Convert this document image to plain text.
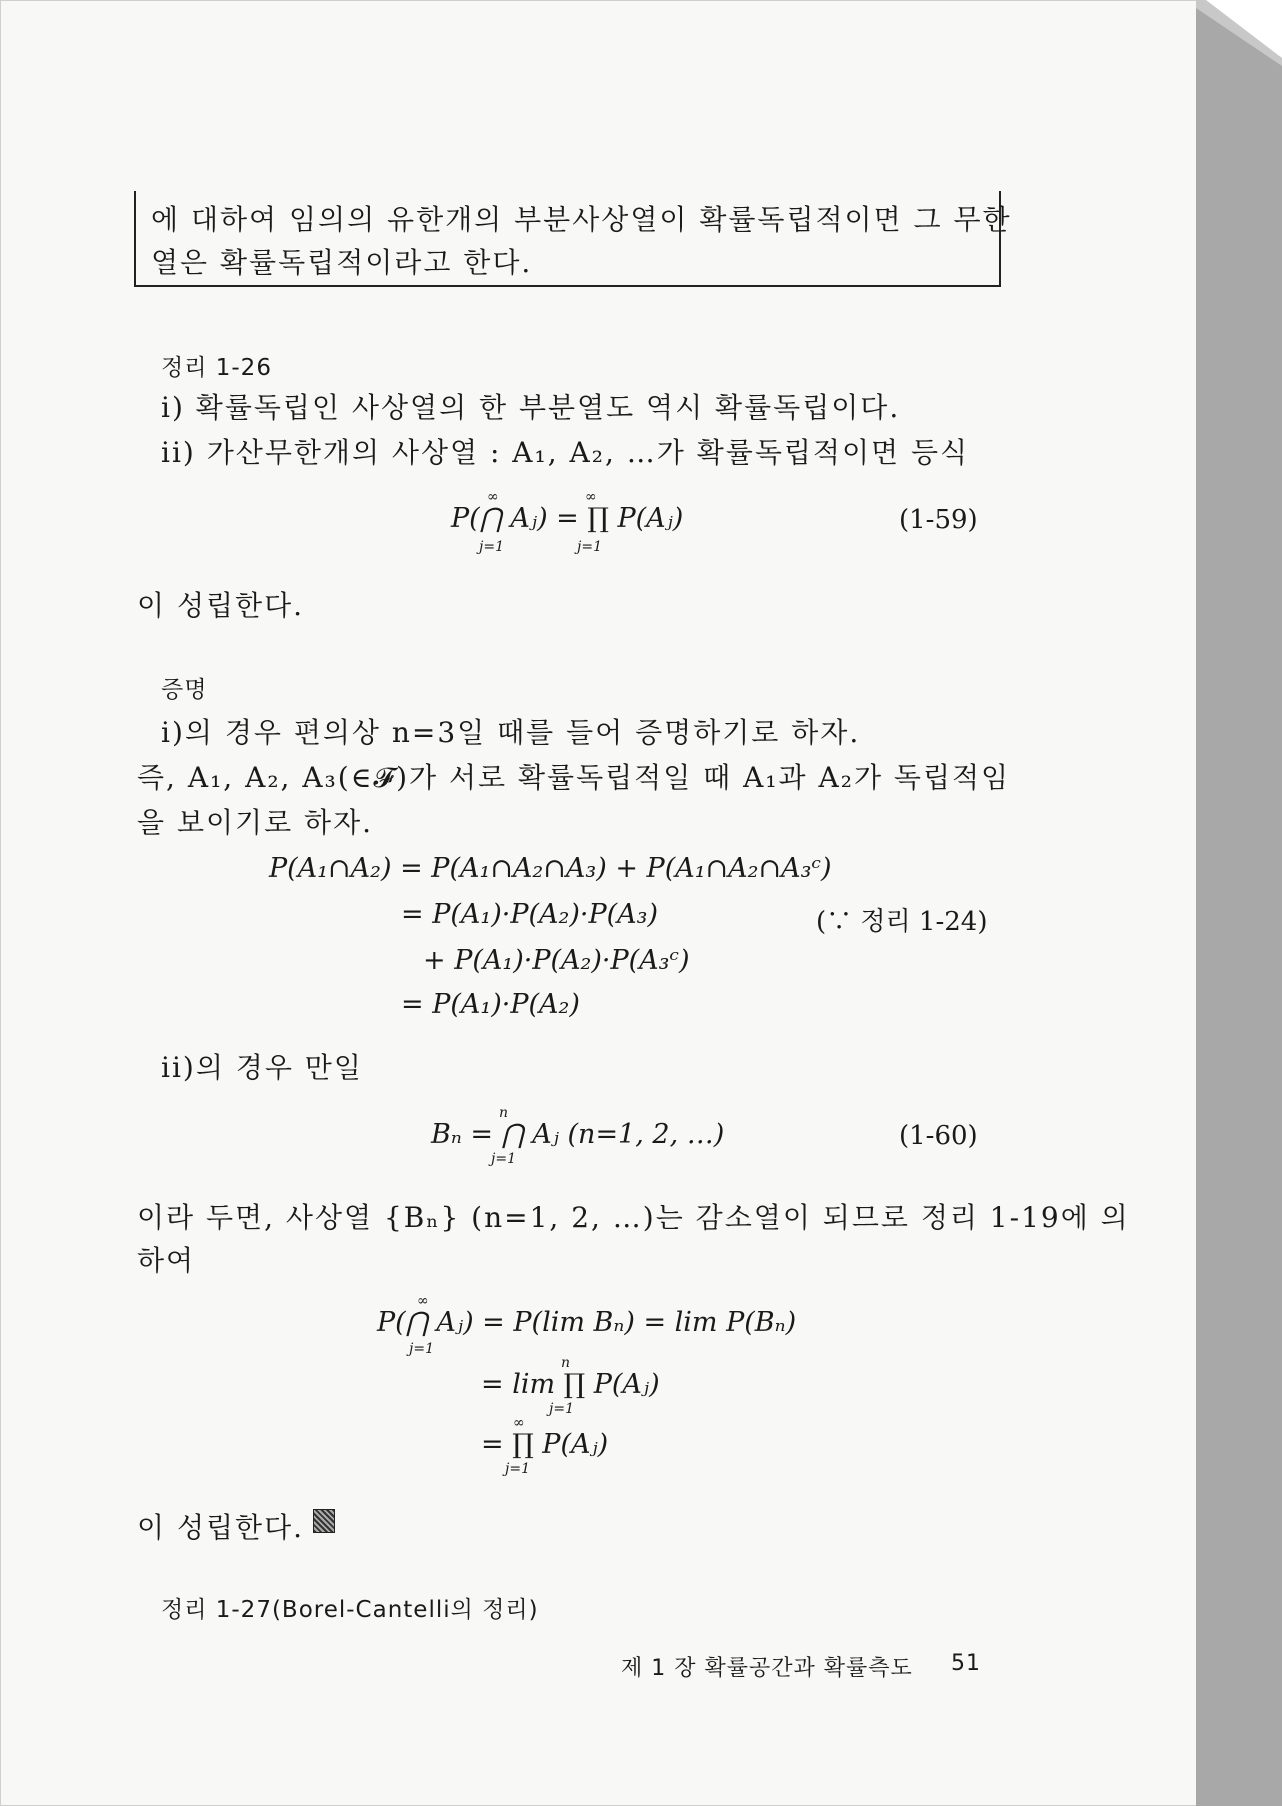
에 대하여 임의의 유한개의 부분사상열이 확률독립적이면 그 무한
열은 확률독립적이라고 한다.
정리 1-26
i) 확률독립인 사상열의 한 부분열도 역시 확률독립이다.
ii) 가산무한개의 사상열 : A₁, A₂, …가 확률독립적이면 등식
P(⋂ Aⱼ) = ∏ P(Aⱼ)
∞
j=1
∞
j=1
(1-59)
이 성립한다.
증명
i)의 경우 편의상 n=3일 때를 들어 증명하기로 하자.
즉, A₁, A₂, A₃(∈𝓕)가 서로 확률독립적일 때 A₁과 A₂가 독립적임
을 보이기로 하자.
P(A₁∩A₂) = P(A₁∩A₂∩A₃) + P(A₁∩A₂∩A₃ᶜ)
= P(A₁)·P(A₂)·P(A₃)	(∵ 정리 1-24)
+ P(A₁)·P(A₂)·P(A₃ᶜ)
= P(A₁)·P(A₂)
ii)의 경우 만일
Bₙ = ⋂ Aⱼ (n=1, 2, …)
n
j=1
(1-60)
이라 두면, 사상열 {Bₙ} (n=1, 2, …)는 감소열이 되므로 정리 1-19에 의
하여
P(⋂ Aⱼ) = P(lim Bₙ) = lim P(Bₙ)
∞
j=1
= lim ∏ P(Aⱼ)
n
j=1
= ∏ P(Aⱼ)
∞
j=1
이 성립한다.
정리 1-27(Borel-Cantelli의 정리)
제 1 장 확률공간과 확률측도 51
